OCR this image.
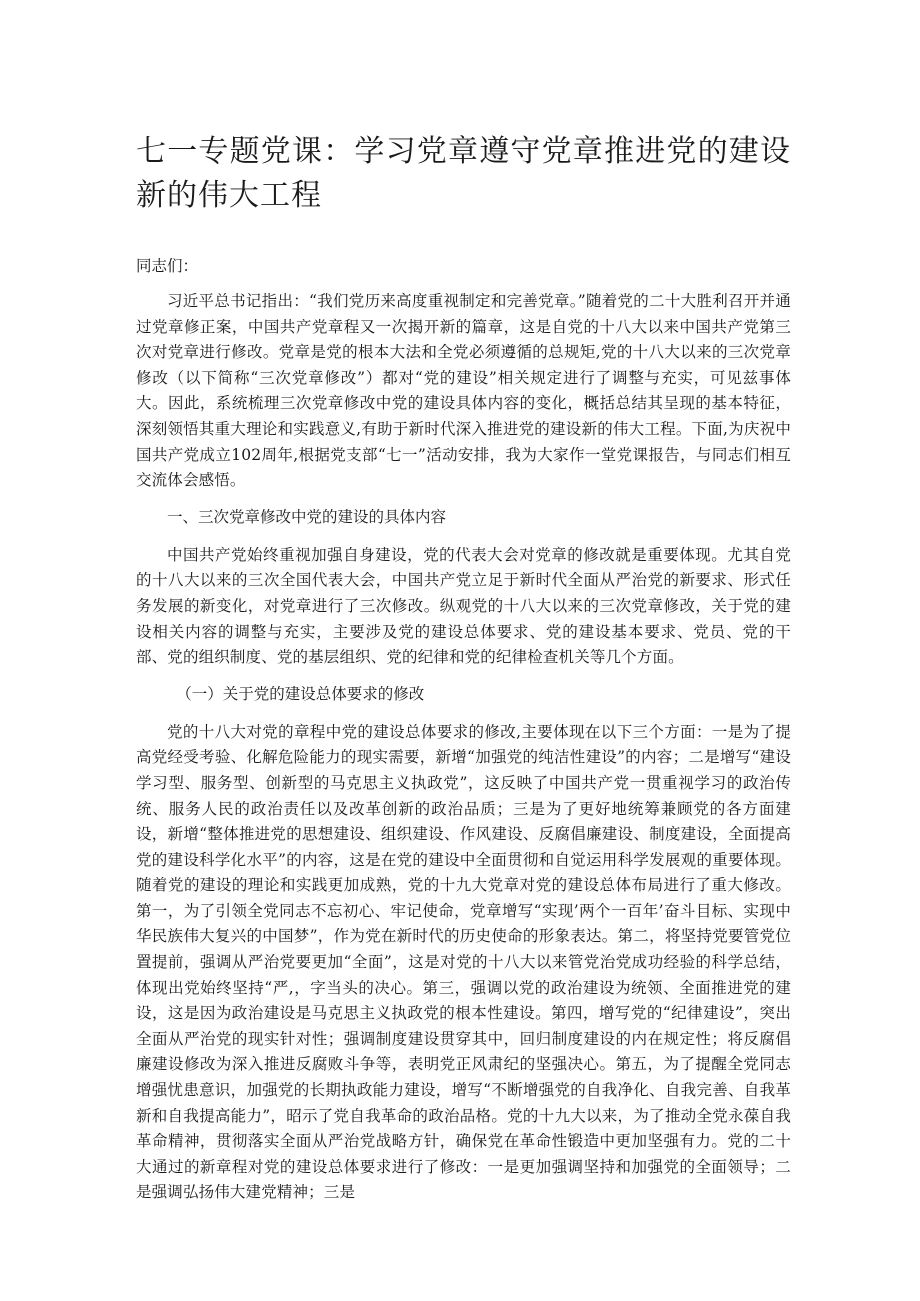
七一专题党课：学习党章遵守党章推进党的建设新的伟大工程

同志们：

习近平总书记指出：“我们党历来高度重视制定和完善党章。”随着党的二十大胜利召开并通过党章修正案，中国共产党章程又一次揭开新的篇章，这是自党的十八大以来中国共产党第三次对党章进行修改。党章是党的根本大法和全党必须遵循的总规矩,党的十八大以来的三次党章修改（以下简称“三次党章修改”）都对“党的建设”相关规定进行了调整与充实，可见兹事体大。因此，系统梳理三次党章修改中党的建设具体内容的变化，概括总结其呈现的基本特征，深刻领悟其重大理论和实践意义,有助于新时代深入推进党的建设新的伟大工程。下面,为庆祝中国共产党成立102周年,根据党支部“七一”活动安排，我为大家作一堂党课报告，与同志们相互交流体会感悟。

一、三次党章修改中党的建设的具体内容

中国共产党始终重视加强自身建设，党的代表大会对党章的修改就是重要体现。尤其自党的十八大以来的三次全国代表大会，中国共产党立足于新时代全面从严治党的新要求、形式任务发展的新变化，对党章进行了三次修改。纵观党的十八大以来的三次党章修改，关于党的建设相关内容的调整与充实，主要涉及党的建设总体要求、党的建设基本要求、党员、党的干部、党的组织制度、党的基层组织、党的纪律和党的纪律检查机关等几个方面。

（一）关于党的建设总体要求的修改

党的十八大对党的章程中党的建设总体要求的修改,主要体现在以下三个方面：一是为了提高党经受考验、化解危险能力的现实需要，新增“加强党的纯洁性建设”的内容；二是增写“建设学习型、服务型、创新型的马克思主义执政党”，这反映了中国共产党一贯重视学习的政治传统、服务人民的政治责任以及改革创新的政治品质；三是为了更好地统筹兼顾党的各方面建设，新增“整体推进党的思想建设、组织建设、作风建设、反腐倡廉建设、制度建设，全面提高党的建设科学化水平”的内容，这是在党的建设中全面贯彻和自觉运用科学发展观的重要体现。随着党的建设的理论和实践更加成熟，党的十九大党章对党的建设总体布局进行了重大修改。第一，为了引领全党同志不忘初心、牢记使命，党章增写“实现’两个一百年’奋斗目标、实现中华民族伟大复兴的中国梦”，作为党在新时代的历史使命的形象表达。第二，将坚持党要管党位置提前，强调从严治党要更加“全面”，这是对党的十八大以来管党治党成功经验的科学总结，体现出党始终坚持“严,，字当头的决心。第三，强调以党的政治建设为统领、全面推进党的建设，这是因为政治建设是马克思主义执政党的根本性建设。第四，增写党的“纪律建设”，突出全面从严治党的现实针对性；强调制度建设贯穿其中，回归制度建设的内在规定性；将反腐倡廉建设修改为深入推进反腐败斗争等，表明党正风肃纪的坚强决心。第五，为了提醒全党同志增强忧患意识，加强党的长期执政能力建设，增写“不断增强党的自我净化、自我完善、自我革新和自我提高能力”，昭示了党自我革命的政治品格。党的十九大以来，为了推动全党永葆自我革命精神，贯彻落实全面从严治党战略方针，确保党在革命性锻造中更加坚强有力。党的二十大通过的新章程对党的建设总体要求进行了修改：一是更加强调坚持和加强党的全面领导；二是强调弘扬伟大建党精神；三是
